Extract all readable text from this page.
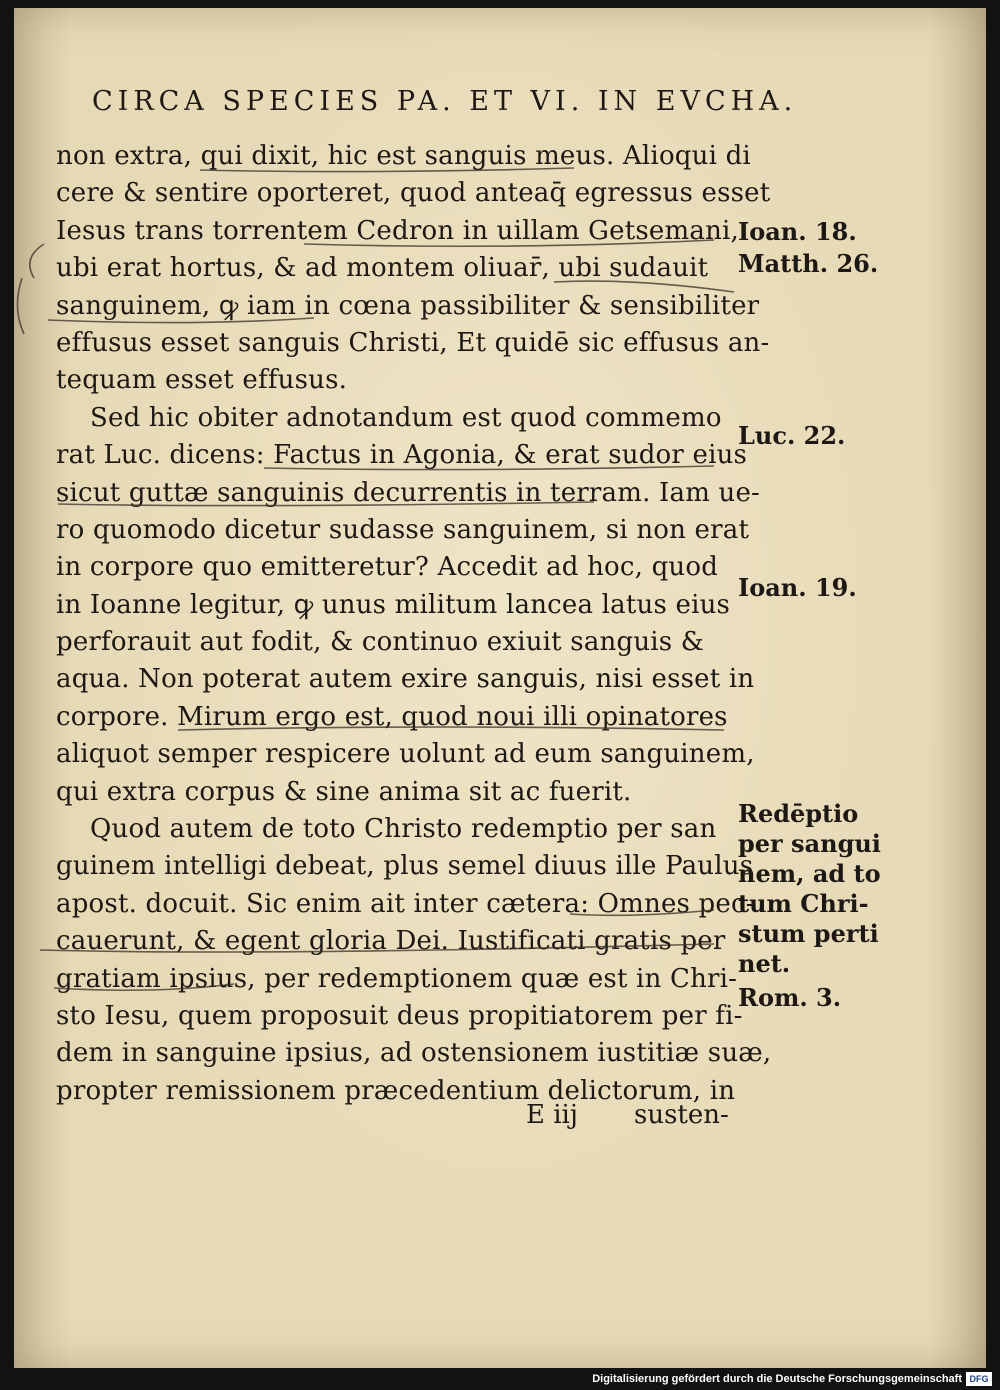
CIRCA SPECIES PA. ET VI. IN EVCHA.
non extra, qui dixit, hic est sanguis meus. Alioqui di
cere & sentire oporteret, quod anteaq̄ egressus esset
Iesus trans torrentem Cedron in uillam Getsemani,
ubi erat hortus, & ad montem oliuar̄, ubi sudauit
sanguinem, ꝙ iam in cœna passibiliter & sensibiliter
effusus esset sanguis Christi, Et quidē sic effusus an-
tequam esset effusus.
Sed hic obiter adnotandum est quod commemo
rat Luc. dicens: Factus in Agonia, & erat sudor eius
sicut guttæ sanguinis decurrentis in terram. Iam ue-
ro quomodo dicetur sudasse sanguinem, si non erat
in corpore quo emitteretur? Accedit ad hoc, quod
in Ioanne legitur, ꝙ unus militum lancea latus eius
perforauit aut fodit, & continuo exiuit sanguis &
aqua. Non poterat autem exire sanguis, nisi esset in
corpore. Mirum ergo est, quod noui illi opinatores
aliquot semper respicere uolunt ad eum sanguinem,
qui extra corpus & sine anima sit ac fuerit.
Quod autem de toto Christo redemptio per san
guinem intelligi debeat, plus semel diuus ille Paulus
apost. docuit. Sic enim ait inter cætera: Omnes pec-
cauerunt, & egent gloria Dei. Iustificati gratis per
gratiam ipsius, per redemptionem quæ est in Chri-
sto Iesu, quem proposuit deus propitiatorem per fi-
dem in sanguine ipsius, ad ostensionem iustitiæ suæ,
propter remissionem præcedentium delictorum, in
Ioan. 18.
Matth. 26.
Luc. 22.
Ioan. 19.
Redēptio
per sangui
nem, ad to
tum Chri-
stum perti
net.
Rom. 3.
E iij susten-
Digitalisierung gefördert durch die Deutsche Forschungsgemeinschaft DFG
